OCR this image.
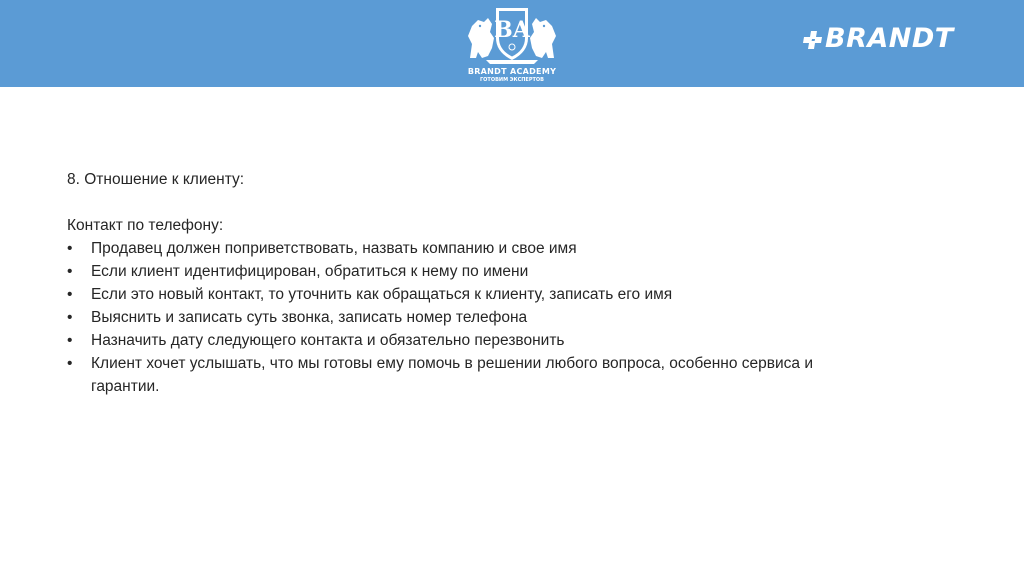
BA
BRANDT ACADEMY
ГОТОВИМ ЭКСПЕРТОВ
BRANDT

8. Отношение к клиенту:

Контакт по телефону:

• Продавец должен поприветствовать, назвать компанию и свое имя
• Если клиент идентифицирован, обратиться к нему по имени
• Если это новый контакт, то уточнить как обращаться к клиенту, записать его имя
• Выяснить и записать суть звонка, записать номер телефона
• Назначить дату следующего контакта и обязательно перезвонить
• Клиент хочет услышать, что мы готовы ему помочь в решении любого вопроса, особенно сервиса и гарантии.
